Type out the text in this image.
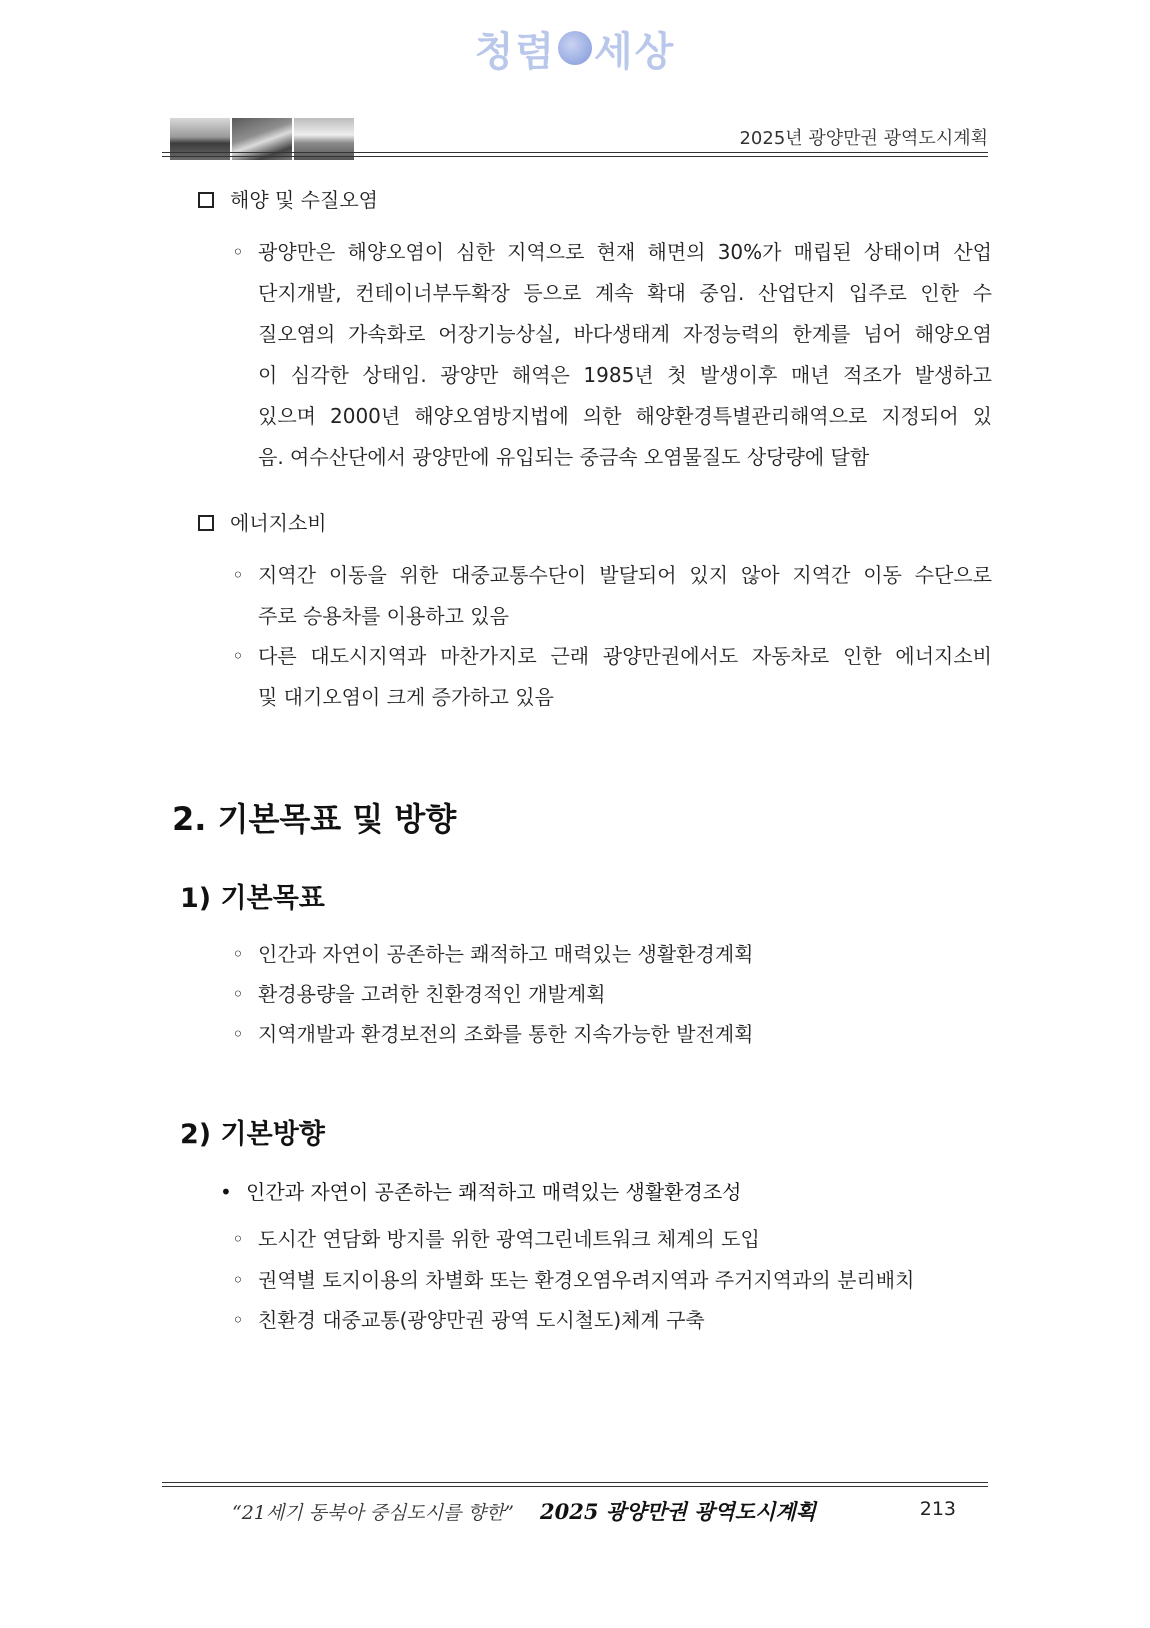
청렴 세상
2025년 광양만권 광역도시계획
해양 및 수질오염
◦ 광양만은 해양오염이 심한 지역으로 현재 해면의 30%가 매립된 상태이며 산업
단지개발, 컨테이너부두확장 등으로 계속 확대 중임. 산업단지 입주로 인한 수
질오염의 가속화로 어장기능상실, 바다생태계 자정능력의 한계를 넘어 해양오염
이 심각한 상태임. 광양만 해역은 1985년 첫 발생이후 매년 적조가 발생하고
있으며 2000년 해양오염방지법에 의한 해양환경특별관리해역으로 지정되어 있
음. 여수산단에서 광양만에 유입되는 중금속 오염물질도 상당량에 달함
에너지소비
◦ 지역간 이동을 위한 대중교통수단이 발달되어 있지 않아 지역간 이동 수단으로
주로 승용차를 이용하고 있음
◦ 다른 대도시지역과 마찬가지로 근래 광양만권에서도 자동차로 인한 에너지소비
및 대기오염이 크게 증가하고 있음
2. 기본목표 및 방향
1) 기본목표
◦ 인간과 자연이 공존하는 쾌적하고 매력있는 생활환경계획
◦ 환경용량을 고려한 친환경적인 개발계획
◦ 지역개발과 환경보전의 조화를 통한 지속가능한 발전계획
2) 기본방향
• 인간과 자연이 공존하는 쾌적하고 매력있는 생활환경조성
◦ 도시간 연담화 방지를 위한 광역그린네트워크 체계의 도입
◦ 권역별 토지이용의 차별화 또는 환경오염우려지역과 주거지역과의 분리배치
◦ 친환경 대중교통(광양만권 광역 도시철도)체계 구축
“21세기 동북아 중심도시를 향한” 2025 광양만권 광역도시계획	213
